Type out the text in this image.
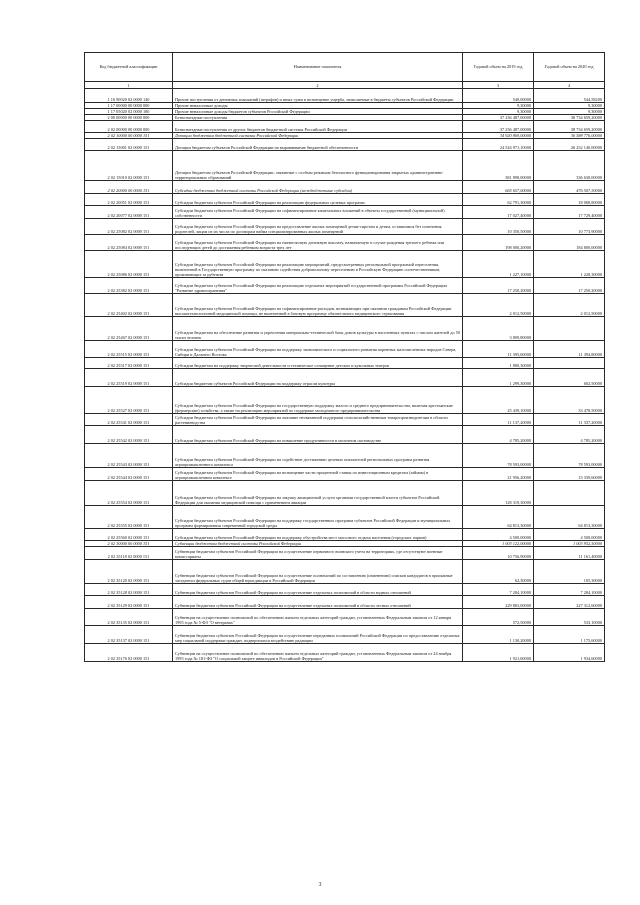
Код бюджетной классификации	Наименование показателя	Годовой объем на 2019 год	Годовой объем на 2020 год
1	2	3	4
1 16 90020 02 0000 140	Прочие поступления от денежных взысканий (штрафов) и иных сумм в возмещение ущерба, зачисляемые в бюджеты субъектов Российской Федерации	540,00000	544,58200
1 17 00000 00 0000 000	Прочие неналоговые доходы	9,30000	9,30000
1 17 05020 02 0000 180	Прочие неналоговые доходы бюджетов субъектов Российской Федерации	9,30000	9,30000
2 00 00000 00 0000 000	Безвозмездные поступления	37 236 487,00000	38 734 659,20000
2 02 00000 00 0000 000	Безвозмездные поступления от других бюджетов бюджетной системы Российской Федерации	37 236 487,00000	38 734 659,20000
2 02 10000 00 0000 151	Дотации бюджетам бюджетной системы Российской Федерации	34 920 869,00000	36 588 776,00000
2 02 15001 02 0000 151	Дотации бюджетам субъектов Российской Федерации на выравнивание бюджетной обеспеченности	24 544 971,10000	26 252 140,00000
2 02 15010 02 0000 151	Дотации бюджетам субъектов Российской Федерации, связанные с особым режимом безопасного функционирования закрытых административно-территориальных образований	381 898,00000	336 630,00000
2 02 20000 00 0000 151	Субсидии бюджетам бюджетной системы Российской Федерации (межбюджетные субсидии)	665 657,00000	476 507,30000
2 02 20051 02 0000 151	Субсидии бюджетам субъектов Российской Федерации на реализацию федеральных целевых программ	62 791,30000	18 068,80000
2 02 20077 02 0000 151	Субсидии бюджетам субъектов Российской Федерации на софинансирование капитальных вложений в объекты государственной (муниципальной) собственности	17 027,40000	17 729,40000
2 02 25082 02 0000 151	Субсидии бюджетам субъектов Российской Федерации на предоставление жилых помещений детям-сиротам и детям, оставшимся без попечения родителей, лицам из их числа по договорам найма специализированных жилых помещений	10 350,50000	10 773,90000
2 02 25084 02 0000 151	Субсидии бюджетам субъектов Российской Федерации на ежемесячную денежную выплату, назначаемую в случае рождения третьего ребенка или последующих детей до достижения ребенком возраста трех лет	198 000,20000	184 800,00000
2 02 25086 02 0000 151	Субсидии бюджетам субъектов Российской Федерации на реализацию мероприятий, предусмотренных региональной программой переселения, включенной в Государственную программу по оказанию содействия добровольному переселению в Российскую Федерацию соотечественников, проживающих за рубежом	1 227,10000	1 228,30000
2 02 25382 02 0000 151	Субсидии бюджетам субъектов Российской Федерации на реализацию отдельных мероприятий государственной программы Российской Федерации "Развитие здравоохранения"	17 250,20000	17 250,20000
2 02 25402 02 0000 151	Субсидии бюджетам субъектов Российской Федерации на софинансирование расходов, возникающих при оказании гражданам Российской Федерации высокотехнологичной медицинской помощи, не включенной в базовую программу обязательного медицинского страхования	2 012,50000	2 012,50000
2 02 25467 02 0000 151	Субсидии бюджетам на обеспечение развития и укрепления материально-технической базы домов культуры в населенных пунктах с числом жителей до 50 тысяч человек	3 809,80000	
2 02 25515 02 0000 151	Субсидии бюджетам субъектов Российской Федерации на поддержку экономического и социального развития коренных малочисленных народов Севера, Сибири и Дальнего Востока	11 395,60000	11 394,80000
2 02 25517 02 0000 151	Субсидии бюджетам на поддержку творческой деятельности и техническое оснащение детских и кукольных театров	1 880,30000	
2 02 25519 02 0000 151	Субсидия бюджетам субъектов Российской Федерации на поддержку отрасли культуры	1 299,30000	602,50000
2 02 25527 02 0000 151	Субсидии бюджетам субъектов Российской Федерации на государственную поддержку малого и среднего предпринимательства, включая крестьянские (фермерские) хозяйства, а также на реализацию мероприятий по поддержке молодежного предпринимательства	25 439,10000	33 478,50000
2 02 25541 02 0000 151	Субсидии бюджетам субъектов Российской Федерации на оказание несвязанной поддержки сельскохозяйственным товаропроизводителям в области растениеводства	11 137,20000	11 337,20000
2 02 25542 02 0000 151	Субсидии бюджетам субъектов Российской Федерации на повышение продуктивности в молочном скотоводстве	4 785,20000	4 785,20000
2 02 25543 02 0000 151	Субсидии бюджетам субъектов Российской Федерации на содействие достижению целевых показателей региональных программ развития агропромышленного комплекса	78 593,00000	78 593,00000
2 02 25544 02 0000 151	Субсидии бюджетам субъектов Российской Федерации на возмещение части процентной ставки по инвестиционным кредитам (займам) в агропромышленном комплексе	21 956,20000	15 339,60000
2 02 25554 02 0000 151	Субсидии бюджетам субъектов Российской Федерации на закупку авиационной услуги органами государственной власти субъектов Российской Федерации для оказания медицинской помощи с применением авиации	128 319,30000	
2 02 25555 02 0000 151	Субсидии бюджетам субъектов Российской Федерации на поддержку государственных программ субъектов Российской Федерации и муниципальных программ формирования современной городской среды	64 813,30000	64 813,30000
2 02 25560 02 0000 151	Субсидии бюджетам субъектов Российской Федерации на поддержку обустройства мест массового отдыха населения (городских парков)	4 500,00000	4 500,00000
2 02 30000 00 0000 151	Субвенции бюджетам бюджетной системы Российской Федерации	1 003 122,00000	1 003 952,50000
2 02 35118 02 0000 151	Субвенции бюджетам субъектов Российской Федерации на осуществление первичного воинского учета на территориях, где отсутствуют военные комиссариаты	10 756,90000	11 161,40000
2 02 35120 02 0000 151	Субвенции бюджетам субъектов Российской Федерации на осуществление полномочий по составлению (изменению) списков кандидатов в присяжные заседатели федеральных судов общей юрисдикции в Российской Федерации	62,30000	105,30000
2 02 35128 02 0000 151	Субвенции бюджетам субъектов Российской Федерации на осуществление отдельных полномочий в области водных отношений	7 284,10000	7 284,10000
2 02 35129 02 0000 151	Субвенции бюджетам субъектов Российской Федерации на осуществление отдельных полномочий в области лесных отношений	229 883,00000	227 312,60000
2 02 35135 02 0000 151	Субвенции на осуществление полномочий по обеспечению жильем отдельных категорий граждан, установленных Федеральным законом от 12 января 1995 года № 5-ФЗ "О ветеранах"	572,50000	533,10000
2 02 35137 02 0000 151	Субвенции бюджетам субъектов Российской Федерации на осуществление переданных полномочий Российской Федерации по предоставлению отдельных мер социальной поддержки граждан, подвергшихся воздействию радиации	1 130,20000	1 175,60000
2 02 35176 02 0000 151	Субвенции на осуществление полномочий по обеспечению жильем отдельных категорий граждан, установленных Федеральным законом от 24 ноября 1995 года № 181-ФЗ "О социальной защите инвалидов в Российской Федерации"	1 921,60000	1 934,60000
3
